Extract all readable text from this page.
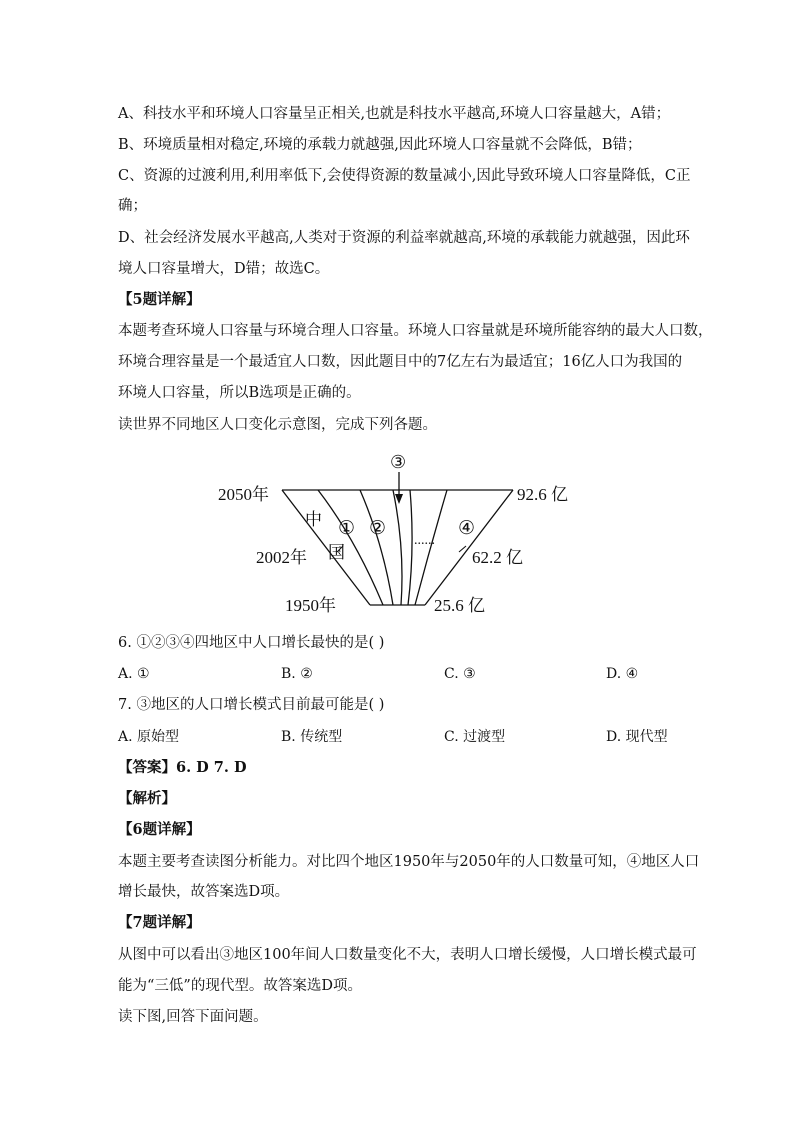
A、科技水平和环境人口容量呈正相关,也就是科技水平越高,环境人口容量越大，A错；
B、环境质量相对稳定,环境的承载力就越强,因此环境人口容量就不会降低，B错；
C、资源的过渡利用,利用率低下,会使得资源的数量减小,因此导致环境人口容量降低，C正
确；
D、社会经济发展水平越高,人类对于资源的利益率就越高,环境的承载能力就越强，因此环
境人口容量增大，D错；故选C。
【5题详解】
本题考查环境人口容量与环境合理人口容量。环境人口容量就是环境所能容纳的最大人口数，
环境合理容量是一个最适宜人口数，因此题目中的7亿左右为最适宜；16亿人口为我国的
环境人口容量，所以B选项是正确的。
读世界不同地区人口变化示意图，完成下列各题。
③
2050年
2002年
1950年
92.6 亿
62.2 亿
25.6 亿
中
国
① ②	④
......
6. ①②③④四地区中人口增长最快的是( )
A. ①	B. ②	C. ③	D. ④
7. ③地区的人口增长模式目前最可能是( )
A. 原始型	B. 传统型	C. 过渡型	D. 现代型
【答案】6. D 7. D
【解析】
【6题详解】
本题主要考查读图分析能力。对比四个地区1950年与2050年的人口数量可知，④地区人口
增长最快，故答案选D项。
【7题详解】
从图中可以看出③地区100年间人口数量变化不大，表明人口增长缓慢，人口增长模式最可
能为“三低”的现代型。故答案选D项。
读下图,回答下面问题。
